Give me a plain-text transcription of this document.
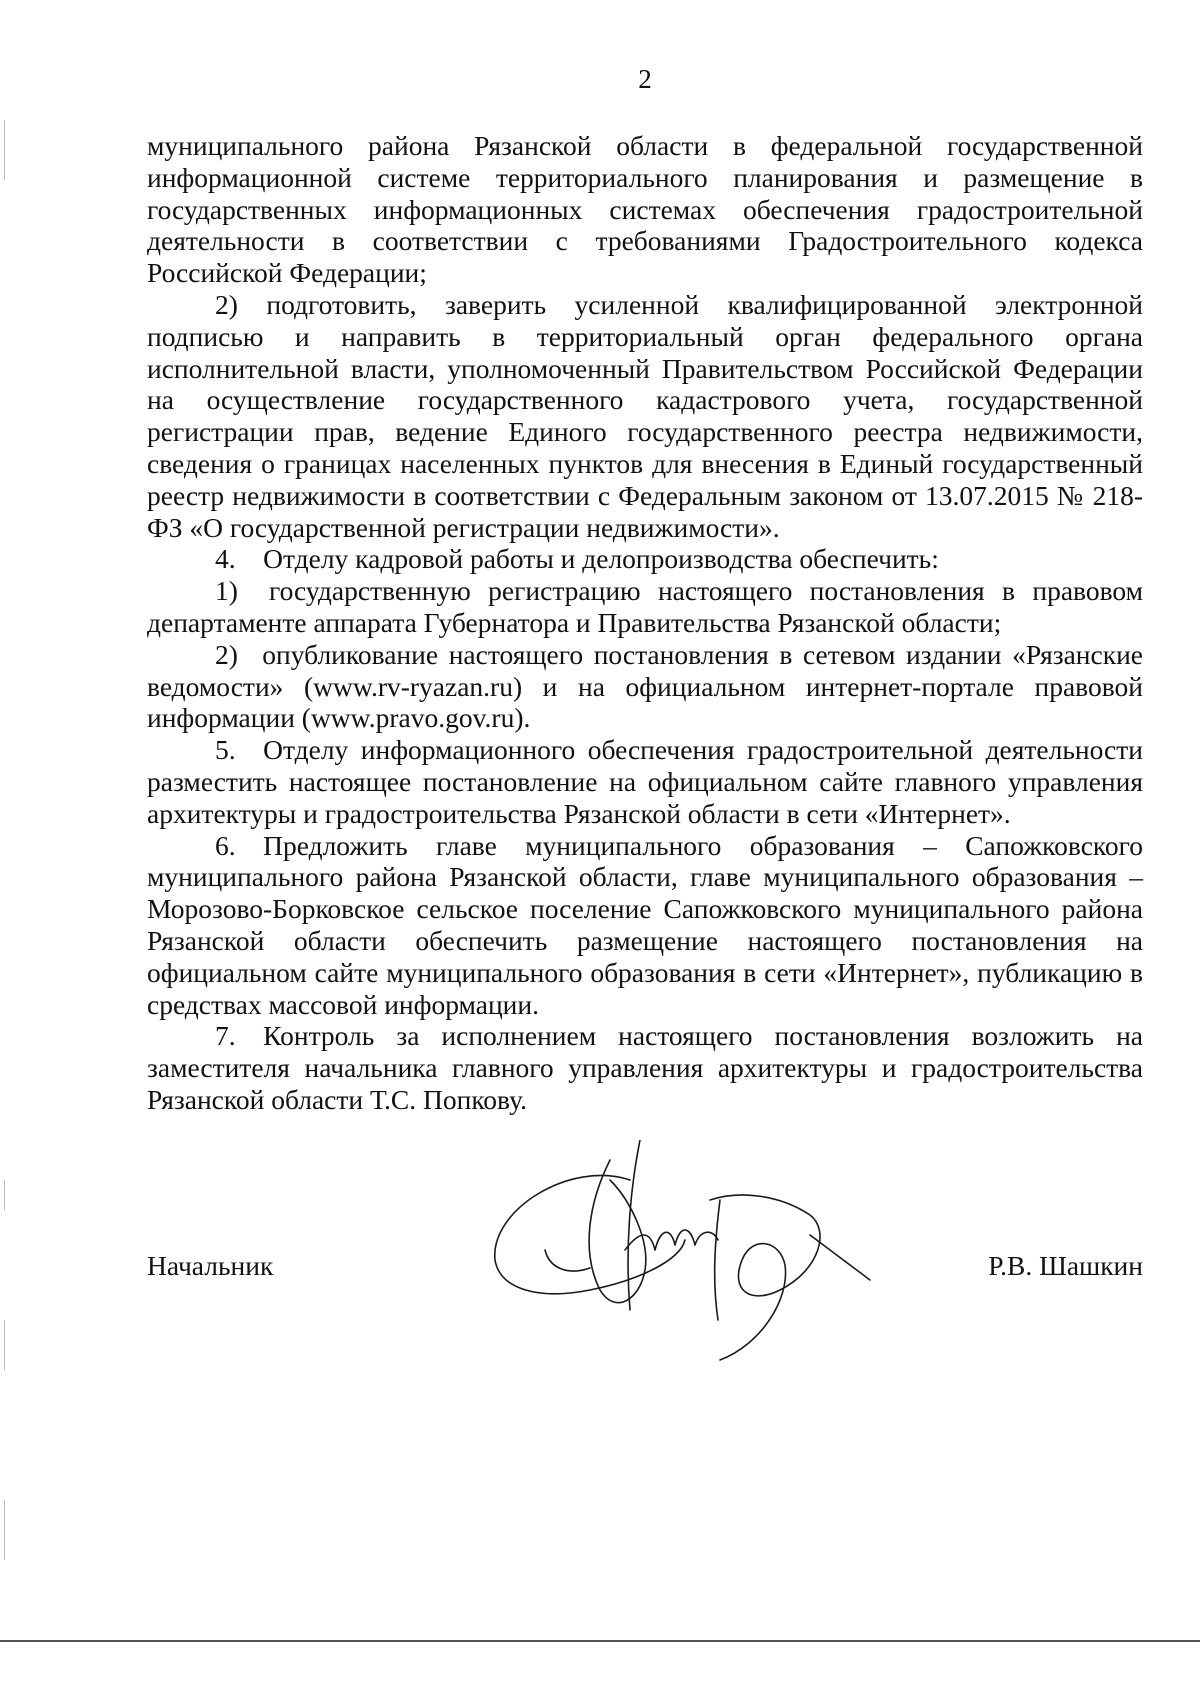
2

муниципального района Рязанской области в федеральной государственной информационной системе территориального планирования и размещение в государственных информационных системах обеспечения градостроительной деятельности в соответствии с требованиями Градостроительного кодекса Российской Федерации;

2) подготовить, заверить усиленной квалифицированной электронной подписью и направить в территориальный орган федерального органа исполнительной власти, уполномоченный Правительством Российской Федерации на осуществление государственного кадастрового учета, государственной регистрации прав, ведение Единого государственного реестра недвижимости, сведения о границах населенных пунктов для внесения в Единый государственный реестр недвижимости в соответствии с Федеральным законом от 13.07.2015 № 218-ФЗ «О государственной регистрации недвижимости».

4. Отделу кадровой работы и делопроизводства обеспечить:

1)  государственную регистрацию настоящего постановления в правовом департаменте аппарата Губернатора и Правительства Рязанской области;

2)  опубликование настоящего постановления в сетевом издании «Рязанские ведомости» (www.rv-ryazan.ru) и на официальном интернет-портале правовой информации (www.pravo.gov.ru).

5. Отделу информационного обеспечения градостроительной деятельности разместить настоящее постановление на официальном сайте главного управления архитектуры и градостроительства Рязанской области в сети «Интернет».

6. Предложить главе муниципального образования – Сапожковского муниципального района Рязанской области, главе муниципального образования – Морозово-Борковское сельское поселение Сапожковского муниципального района Рязанской области обеспечить размещение настоящего постановления на официальном сайте муниципального образования в сети «Интернет», публикацию в средствах массовой информации.

7. Контроль за исполнением настоящего постановления возложить на заместителя начальника главного управления архитектуры и градостроительства Рязанской области Т.С. Попкову.

Начальник	Р.В. Шашкин
